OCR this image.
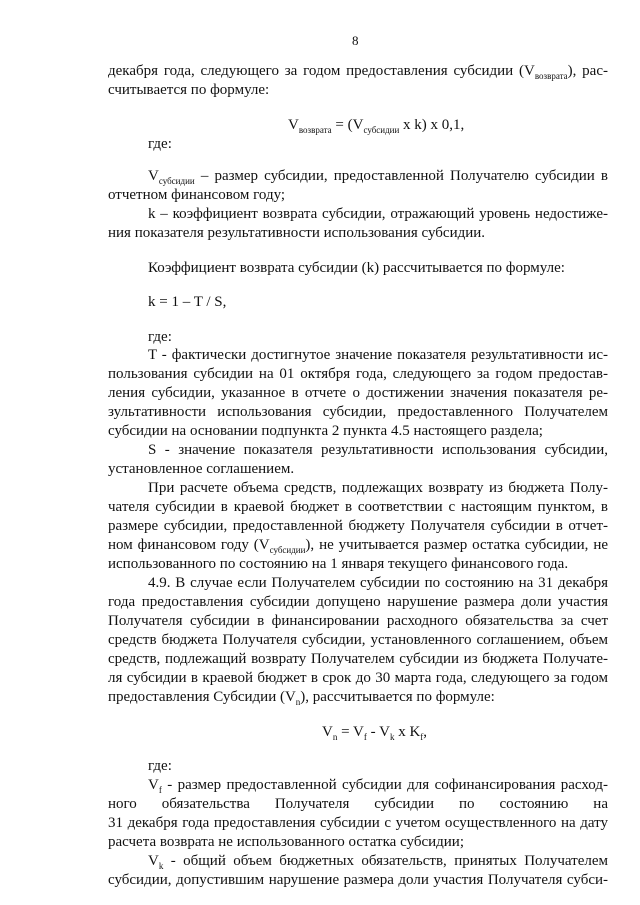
8
декабря года, следующего за годом предоставления субсидии $(V_{возврата})$, рас-
считывается по формуле:
$V_{возврата} = (V_{субсидии}$ x k) x 0,1,
где:
$V_{субсидии}$ – размер субсидии, предоставленной Получателю субсидии в
отчетном финансовом году;
k – коэффициент возврата субсидии, отражающий уровень недостиже-
ния показателя результативности использования субсидии.
Коэффициент возврата субсидии (k) рассчитывается по формуле:
k = 1 – T / S,
где:
T - фактически достигнутое значение показателя результативности ис-
пользования субсидии на 01 октября года, следующего за годом предостав-
ления субсидии, указанное в отчете о достижении значения показателя ре-
зультативности использования субсидии, предоставленного Получателем
субсидии на основании подпункта 2 пункта 4.5 настоящего раздела;
S - значение показателя результативности использования субсидии,
установленное соглашением.
При расчете объема средств, подлежащих возврату из бюджета Полу-
чателя субсидии в краевой бюджет в соответствии с настоящим пунктом, в
размере субсидии, предоставленной бюджету Получателя субсидии в отчет-
ном финансовом году $(V_{субсидии})$, не учитывается размер остатка субсидии, не
использованного по состоянию на 1 января текущего финансового года.
4.9. В случае если Получателем субсидии по состоянию на 31 декабря
года предоставления субсидии допущено нарушение размера доли участия
Получателя субсидии в финансировании расходного обязательства за счет
средств бюджета Получателя субсидии, установленного соглашением, объем
средств, подлежащий возврату Получателем субсидии из бюджета Получате-
ля субсидии в краевой бюджет в срок до 30 марта года, следующего за годом
предоставления Субсидии $(V_n)$, рассчитывается по формуле:
$V_n = V_f - V_k$ x $K_f$,
где:
$V_f$ - размер предоставленной субсидии для софинансирования расход-
ного обязательства Получателя субсидии по состоянию на
31 декабря года предоставления субсидии с учетом осуществленного на дату
расчета возврата не использованного остатка субсидии;
$V_k$ - общий объем бюджетных обязательств, принятых Получателем
субсидии, допустившим нарушение размера доли участия Получателя субси-
